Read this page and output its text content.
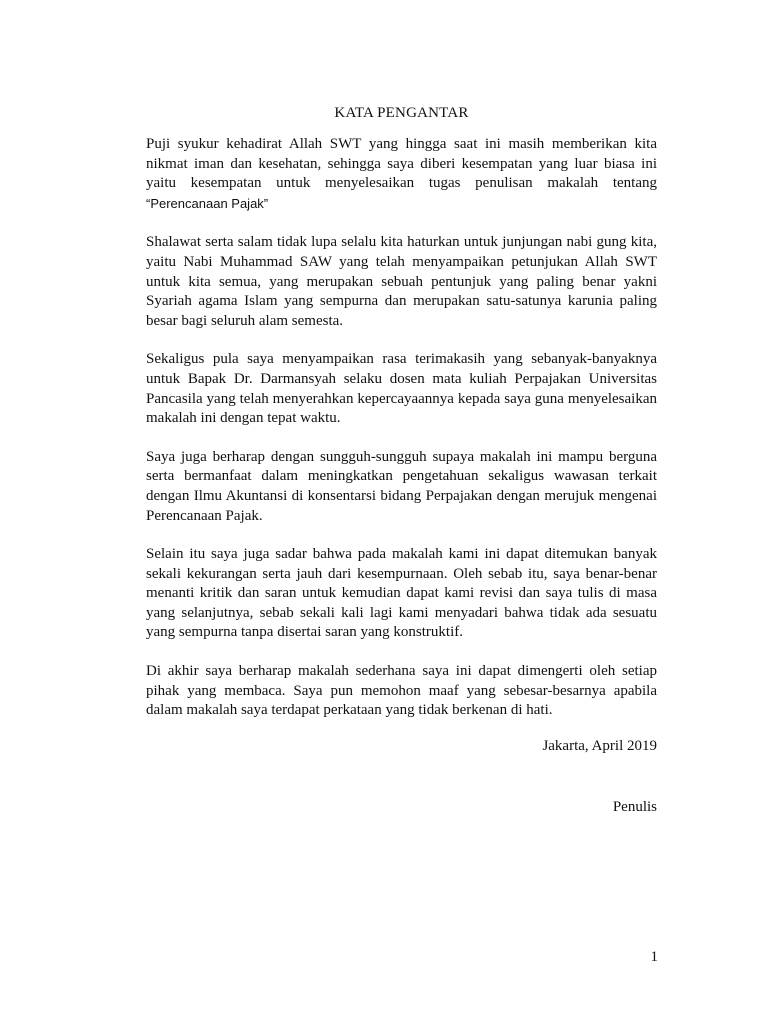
KATA PENGANTAR

Puji syukur kehadirat Allah SWT yang hingga saat ini masih memberikan kita nikmat iman dan kesehatan, sehingga saya diberi kesempatan yang luar biasa ini yaitu kesempatan untuk menyelesaikan tugas penulisan makalah tentang “Perencanaan Pajak”

Shalawat serta salam tidak lupa selalu kita haturkan untuk junjungan nabi gung kita, yaitu Nabi Muhammad SAW yang telah menyampaikan petunjukan Allah SWT untuk kita semua, yang merupakan sebuah pentunjuk yang paling benar yakni Syariah agama Islam yang sempurna dan merupakan satu-satunya karunia paling besar bagi seluruh alam semesta.

Sekaligus pula saya menyampaikan rasa terimakasih yang sebanyak-banyaknya untuk Bapak Dr. Darmansyah selaku dosen mata kuliah Perpajakan Universitas Pancasila yang telah menyerahkan kepercayaannya kepada saya guna menyelesaikan makalah ini dengan tepat waktu.

Saya juga berharap dengan sungguh-sungguh supaya makalah ini mampu berguna serta bermanfaat dalam meningkatkan pengetahuan sekaligus wawasan terkait dengan Ilmu Akuntansi di konsentarsi bidang Perpajakan dengan merujuk mengenai Perencanaan Pajak.

Selain itu saya juga sadar bahwa pada makalah kami ini dapat ditemukan banyak sekali kekurangan serta jauh dari kesempurnaan. Oleh sebab itu, saya benar-benar menanti kritik dan saran untuk kemudian dapat kami revisi dan saya tulis di masa yang selanjutnya, sebab sekali kali lagi kami menyadari bahwa tidak ada sesuatu yang sempurna tanpa disertai saran yang konstruktif.

Di akhir saya berharap makalah sederhana saya ini dapat dimengerti oleh setiap pihak yang membaca. Saya pun memohon maaf yang sebesar-besarnya apabila dalam makalah saya terdapat perkataan yang tidak berkenan di hati.

Jakarta, April 2019

Penulis

1
